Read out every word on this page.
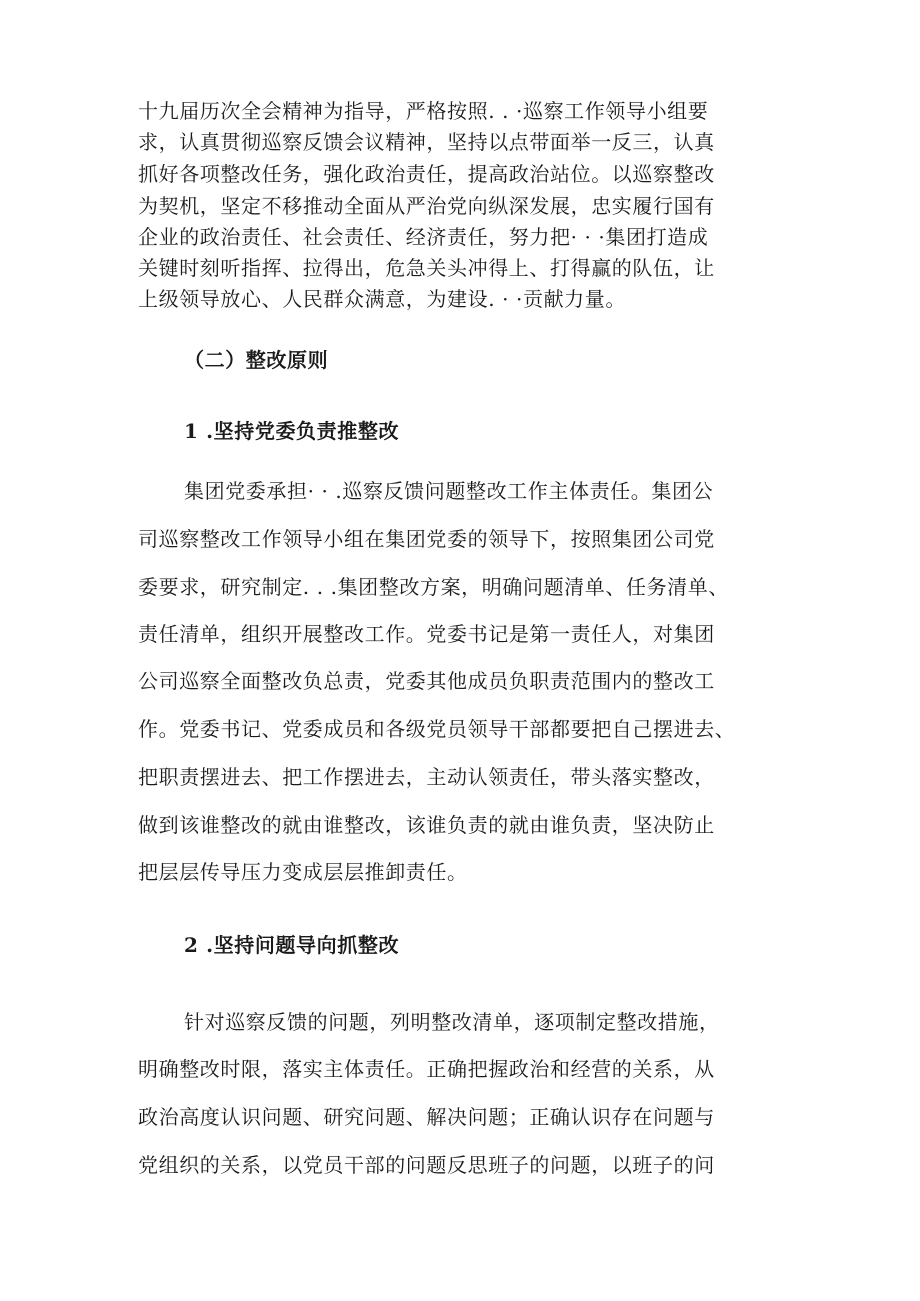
十九届历次全会精神为指导，严格按照. . ·巡察工作领导小组要
求，认真贯彻巡察反馈会议精神，坚持以点带面举一反三，认真
抓好各项整改任务，强化政治责任，提高政治站位。以巡察整改
为契机，坚定不移推动全面从严治党向纵深发展，忠实履行国有
企业的政治责任、社会责任、经济责任，努力把· · ·集团打造成
关键时刻听指挥、拉得出，危急关头冲得上、打得赢的队伍，让
上级领导放心、人民群众满意，为建设. · ·贡献力量。
（二）整改原则
1 .坚持党委负责推整改
集团党委承担· · .巡察反馈问题整改工作主体责任。集团公
司巡察整改工作领导小组在集团党委的领导下，按照集团公司党
委要求，研究制定. . .集团整改方案，明确问题清单、任务清单、
责任清单，组织开展整改工作。党委书记是第一责任人，对集团
公司巡察全面整改负总责，党委其他成员负职责范围内的整改工
作。党委书记、党委成员和各级党员领导干部都要把自己摆进去、
把职责摆进去、把工作摆进去，主动认领责任，带头落实整改，
做到该谁整改的就由谁整改，该谁负责的就由谁负责，坚决防止
把层层传导压力变成层层推卸责任。
2 .坚持问题导向抓整改
针对巡察反馈的问题，列明整改清单，逐项制定整改措施，
明确整改时限，落实主体责任。正确把握政治和经营的关系，从
政治高度认识问题、研究问题、解决问题；正确认识存在问题与
党组织的关系，以党员干部的问题反思班子的问题，以班子的问
